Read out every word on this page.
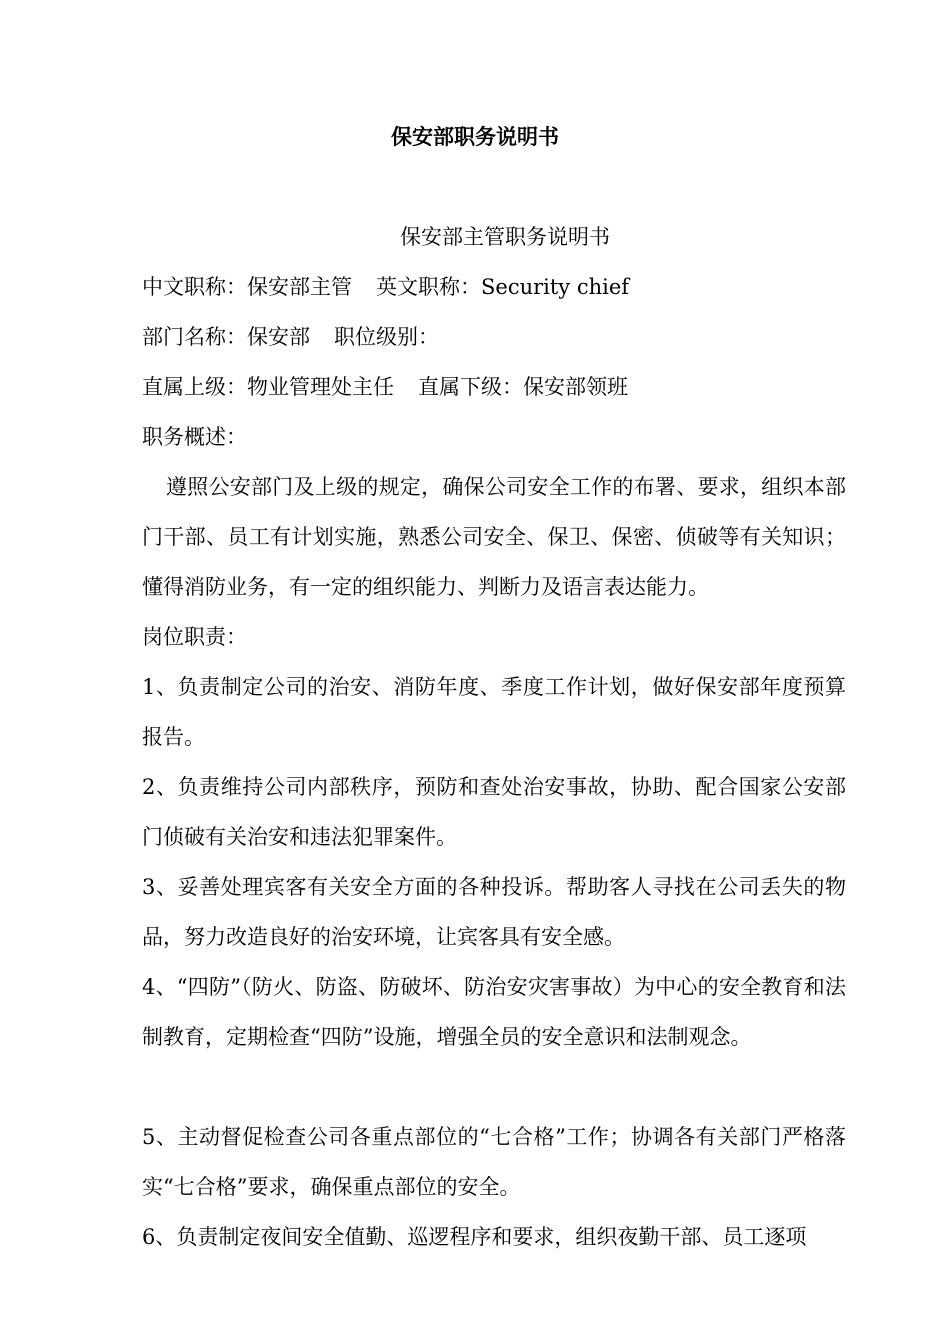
保安部职务说明书
保安部主管职务说明书
中文职称：保安部主管 英文职称：Security chief
部门名称：保安部 职位级别：
直属上级：物业管理处主任 直属下级：保安部领班
职务概述：

遵照公安部门及上级的规定，确保公司安全工作的布署、要求，组织本部门干部、员工有计划实施，熟悉公司安全、保卫、保密、侦破等有关知识；懂得消防业务，有一定的组织能力、判断力及语言表达能力。

岗位职责：

1、负责制定公司的治安、消防年度、季度工作计划，做好保安部年度预算报告。

2、负责维持公司内部秩序，预防和查处治安事故，协助、配合国家公安部门侦破有关治安和违法犯罪案件。

3、妥善处理宾客有关安全方面的各种投诉。帮助客人寻找在公司丢失的物品，努力改造良好的治安环境，让宾客具有安全感。

4、“四防”（防火、防盗、防破坏、防治安灾害事故）为中心的安全教育和法制教育，定期检查“四防”设施，增强全员的安全意识和法制观念。

5、主动督促检查公司各重点部位的“七合格”工作；协调各有关部门严格落实“七合格”要求，确保重点部位的安全。

6、负责制定夜间安全值勤、巡逻程序和要求，组织夜勤干部、员工逐项
